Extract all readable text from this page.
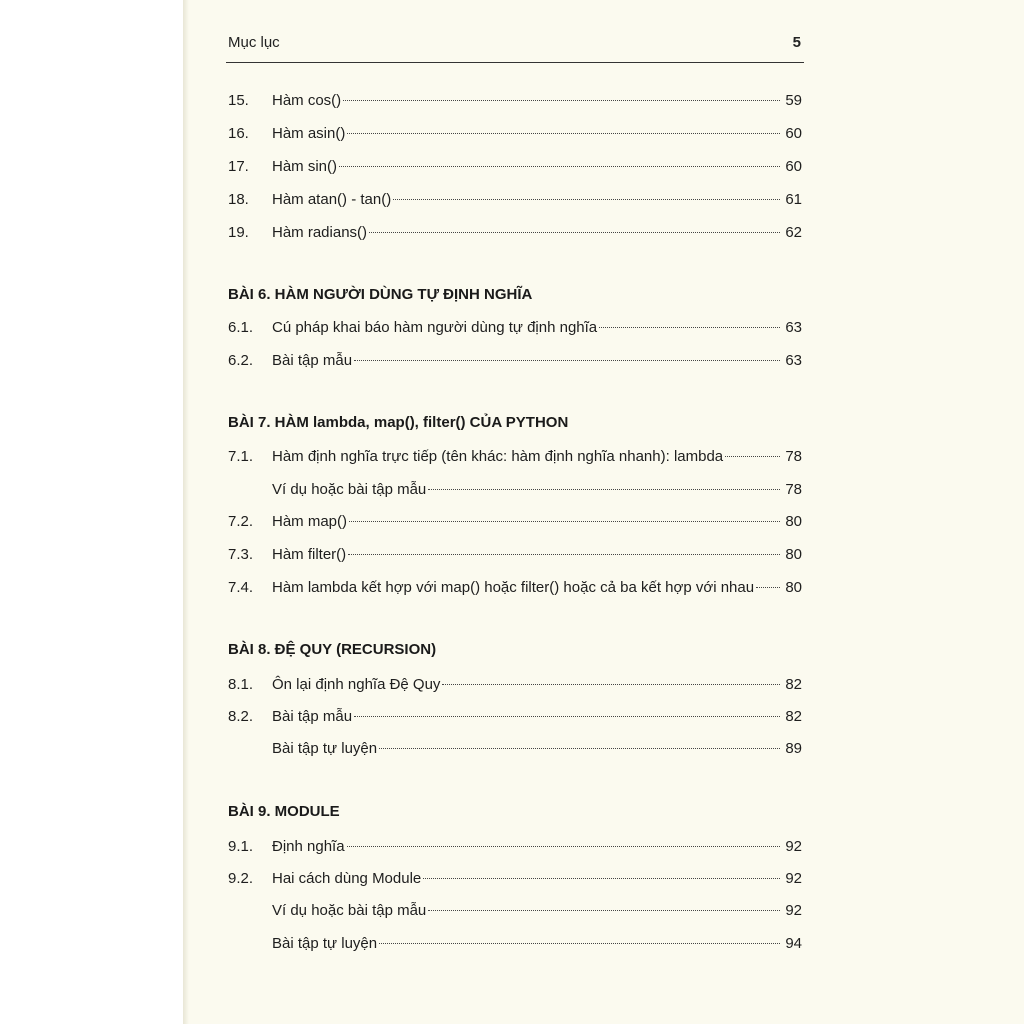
Mục lục	5
15.	Hàm cos()	59
16.	Hàm asin()	60
17.	Hàm sin()	60
18.	Hàm atan() - tan()	61
19.	Hàm radians()	62
BÀI 6. HÀM NGƯỜI DÙNG TỰ ĐỊNH NGHĨA
6.1.	Cú pháp khai báo hàm người dùng tự định nghĩa	63
6.2.	Bài tập mẫu	63
BÀI 7. HÀM lambda, map(), filter() CỦA PYTHON
7.1.	Hàm định nghĩa trực tiếp (tên khác: hàm định nghĩa nhanh): lambda	78
Ví dụ hoặc bài tập mẫu	78
7.2.	Hàm map()	80
7.3.	Hàm filter()	80
7.4.	Hàm lambda kết hợp với map() hoặc filter() hoặc cả ba kết hợp với nhau 80
BÀI 8. ĐỆ QUY (RECURSION)
8.1.	Ôn lại định nghĩa Đệ Quy	82
8.2.	Bài tập mẫu	82
Bài tập tự luyện	89
BÀI 9. MODULE
9.1.	Định nghĩa	92
9.2.	Hai cách dùng Module	92
Ví dụ hoặc bài tập mẫu	92
Bài tập tự luyện	94
